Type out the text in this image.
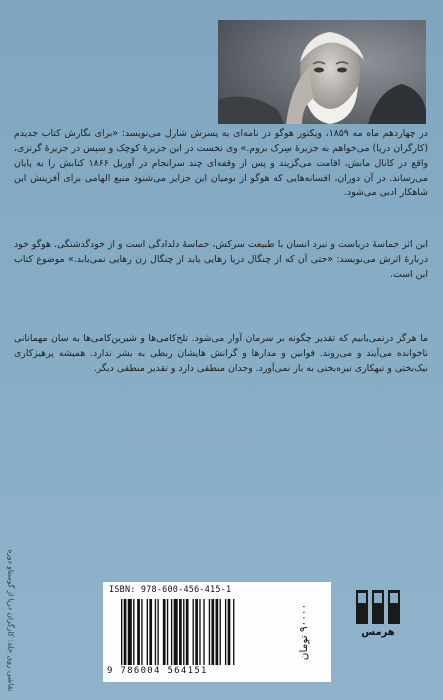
در چهاردهم ماه مه ۱۸۵۹، ویکتور هوگو در نامه‌ای به پسرش شارل می‌نویسد: «برای نگارش کتاب جدیدم (کارگران دریا) می‌خواهم به جزیرهٔ سِرک بروم.» وی نخست در این جزیرهٔ کوچک و سپس در جزیرهٔ گرنزی، واقع در کانال مانش، اقامت می‌گزیند و پس از وقفه‌ای چند سرانجام در آوریل ۱۸۶۶ کتابش را به پایان می‌رساند. در آن دوران، افسانه‌هایی که هوگو از بومیان این جزایر می‌شنود منبع الهامی برای آفرینش این شاهکار ادبی می‌شود.

این اثر حماسهٔ دریاست و نبرد انسان با طبیعت سرکش، حماسهٔ دلدادگی است و از خودگذشتگی. هوگو خود دربارهٔ اثرش می‌نویسد: «حتی آن که از چنگال دریا رهایی یابد از چنگال زن رهایی نمی‌یابد.» موضوع کتاب این است.

ما هرگز درنمی‌یابیم که تقدیر چگونه بر سرمان آوار می‌شود. تلخ‌کامی‌ها و شیرین‌کامی‌ها به سان مهمانانی ناخوانده می‌آیند و می‌روند. قوانین و مدارها و گرانش هایشان ربطی به بشر ندارد. همیشه پرهیزکاری نیک‌بختی و تبهکاری تیره‌بختی به بار نمی‌آورد. وجدان منطقی دارد و تقدیر منطقی دیگر.

نقاشی روی جلد: کارگران دریا از گوستاو دوره	ISBN: 978-600-456-415-1
9 786004 564151
۹۰۰۰۰ تومان
هرمس
